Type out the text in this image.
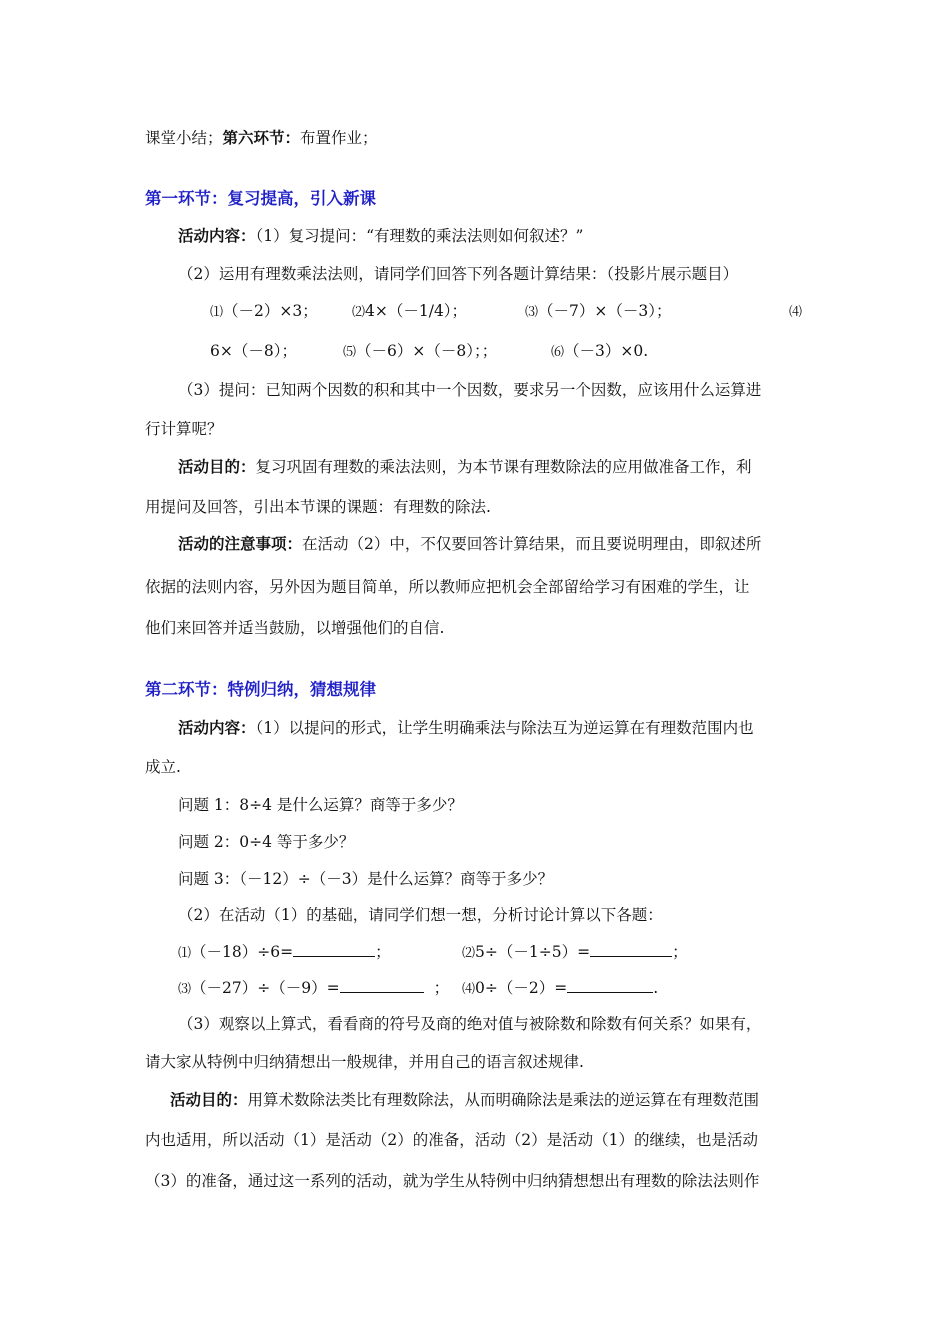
课堂小结；第六环节：布置作业；
第一环节：复习提高，引入新课
活动内容：（1）复习提问：“有理数的乘法法则如何叙述？”
（2）运用有理数乘法法则，请同学们回答下列各题计算结果：（投影片展示题目）
⑴（－2）×3；	⑵4×（－1/4）；	⑶（－7）×（－3）；	⑷
6×（－8）；	⑸（－6）×（－8）；；	⑹（－3）×0.
（3）提问：已知两个因数的积和其中一个因数，要求另一个因数，应该用什么运算进
行计算呢？
活动目的：复习巩固有理数的乘法法则，为本节课有理数除法的应用做准备工作，利
用提问及回答，引出本节课的课题：有理数的除法.
活动的注意事项：在活动（2）中，不仅要回答计算结果，而且要说明理由，即叙述所
依据的法则内容，另外因为题目简单，所以教师应把机会全部留给学习有困难的学生，让
他们来回答并适当鼓励，以增强他们的自信.
第二环节：特例归纳，猜想规律
活动内容：（1）以提问的形式，让学生明确乘法与除法互为逆运算在有理数范围内也
成立.
问题 1：8÷4 是什么运算？商等于多少？
问题 2：0÷4 等于多少？
问题 3：（－12）÷（－3）是什么运算？商等于多少？
（2）在活动（1）的基础，请同学们想一想，分析讨论计算以下各题：
⑴（－18）÷6=	；	⑵5÷（－1÷5）=	；
⑶（－27）÷（－9）=	； ⑷0÷（－2）=	.
（3）观察以上算式，看看商的符号及商的绝对值与被除数和除数有何关系？如果有，
请大家从特例中归纳猜想出一般规律，并用自己的语言叙述规律.
活动目的：用算术数除法类比有理数除法，从而明确除法是乘法的逆运算在有理数范围
内也适用，所以活动（1）是活动（2）的准备，活动（2）是活动（1）的继续，也是活动
（3）的准备，通过这一系列的活动，就为学生从特例中归纳猜想想出有理数的除法法则作
